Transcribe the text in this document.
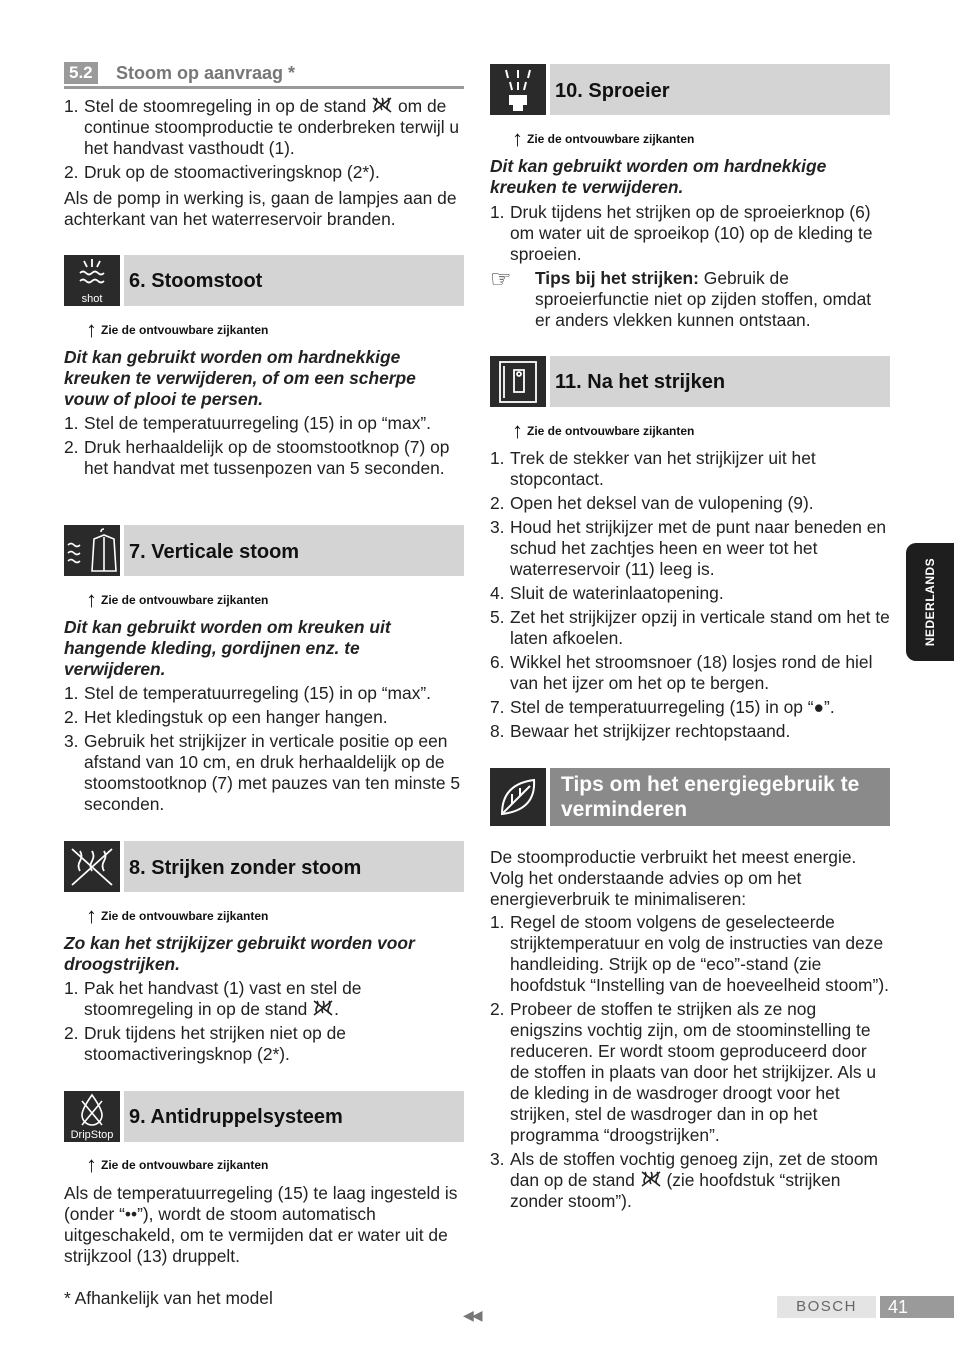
5.2 Stoom op aanvraag *
1. Stel de stoomregeling in op de stand om de continue stoomproductie te onderbreken terwijl u het handvast vasthoudt (1).
2. Druk op de stoomactiveringsknop (2*).

Als de pomp in werking is, gaan de lampjes aan de achterkant van het waterreservoir branden.

shot
6. Stoomstoot
↑ Zie de ontvouwbare zijkanten

Dit kan gebruikt worden om hardnekkige kreuken te verwijderen, of om een scherpe vouw of plooi te persen.

1. Stel de temperatuurregeling (15) in op “max”.
2. Druk herhaaldelijk op de stoomstootknop (7) op het handvat met tussenpozen van 5 seconden.
7. Verticale stoom
↑ Zie de ontvouwbare zijkanten

Dit kan gebruikt worden om kreuken uit hangende kleding, gordijnen enz. te verwijderen.

1. Stel de temperatuurregeling (15) in op “max”.
2. Het kledingstuk op een hanger hangen.
3. Gebruik het strijkijzer in verticale positie op een afstand van 10 cm, en druk herhaaldelijk op de stoomstootknop (7) met pauzes van ten minste 5 seconden.
8. Strijken zonder stoom
↑ Zie de ontvouwbare zijkanten

Zo kan het strijkijzer gebruikt worden voor droogstrijken.

1. Pak het handvast (1) vast en stel de stoomregeling in op de stand .
2. Druk tijdens het strijken niet op de stoomactiveringsknop (2*).
DripStop
9. Antidruppelsysteem
↑ Zie de ontvouwbare zijkanten

Als de temperatuurregeling (15) te laag ingesteld is (onder “••”), wordt de stoom automatisch uitgeschakeld, om te vermijden dat er water uit de strijkzool (13) druppelt.

* Afhankelijk van het model

10. Sproeier
↑ Zie de ontvouwbare zijkanten

Dit kan gebruikt worden om hardnekkige kreuken te verwijderen.

1. Druk tijdens het strijken op de sproeierknop (6) om water uit de sproeikop (10) op de kleding te sproeien.
☞ Tips bij het strijken: Gebruik de sproeierfunctie niet op zijden stoffen, omdat er anders vlekken kunnen ontstaan.

11. Na het strijken
↑ Zie de ontvouwbare zijkanten
1. Trek de stekker van het strijkijzer uit het stopcontact.
2. Open het deksel van de vulopening (9).
3. Houd het strijkijzer met de punt naar beneden en schud het zachtjes heen en weer tot het waterreservoir (11) leeg is.
4. Sluit de waterinlaatopening.
5. Zet het strijkijzer opzij in verticale stand om het te laten afkoelen.
6. Wikkel het stroomsnoer (18) losjes rond de hiel van het ijzer om het op te bergen.
7. Stel de temperatuurregeling (15) in op “●”.
8. Bewaar het strijkijzer rechtopstaand.
Tips om het energiegebruik te verminderen

De stoomproductie verbruikt het meest energie. Volg het onderstaande advies op om het energieverbruik te minimaliseren:

1. Regel de stoom volgens de geselecteerde strijktemperatuur en volg de instructies van deze handleiding. Strijk op de “eco”-stand (zie hoofdstuk “Instelling van de hoeveelheid stoom”).
2. Probeer de stoffen te strijken als ze nog enigszins vochtig zijn, om de stoominstelling te reduceren. Er wordt stoom geproduceerd door de stoffen in plaats van door het strijkijzer. Als u de kleding in de wasdroger droogt voor het strijken, stel de wasdroger dan in op het programma “droogstrijken”.
3. Als de stoffen vochtig genoeg zijn, zet de stoom dan op de stand (zie hoofdstuk “strijken zonder stoom”).
NEDERLANDS
◀◀	BOSCH	41
